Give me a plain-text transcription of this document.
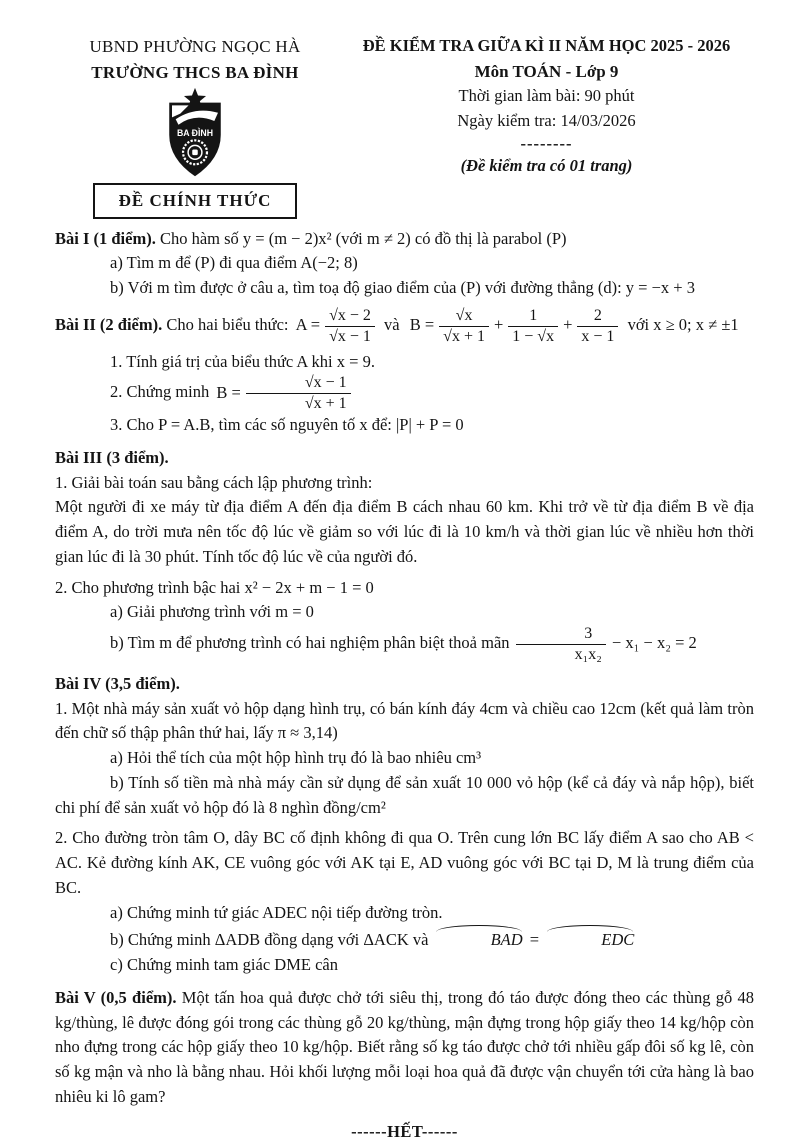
UBND PHƯỜNG NGỌC HÀ

TRƯỜNG THCS BA ĐÌNH

BA ĐÌNH
ĐỀ CHÍNH THỨC

ĐỀ KIỂM TRA GIỮA KÌ II NĂM HỌC 2025 - 2026

Môn TOÁN - Lớp 9

Thời gian làm bài: 90 phút

Ngày kiểm tra: 14/03/2026

--------

(Đề kiểm tra có 01 trang)

Bài I (1 điểm). Cho hàm số y = (m − 2)x² (với m ≠ 2) có đồ thị là parabol (P)

a) Tìm m để (P) đi qua điểm A(−2; 8)

b) Với m tìm được ở câu a, tìm toạ độ giao điểm của (P) với đường thẳng (d): y = −x + 3

Bài II (2 điểm). Cho hai biểu thức: $A = \frac{√x - 2}{√x - 1}$ và $B = \frac{√x}{√x + 1} + \frac{1}{1 - √x} + \frac{2}{x - 1}$ với x ≥ 0; x ≠ ±1

1. Tính giá trị của biểu thức A khi x = 9.

2. Chứng minh $B = \frac{√x - 1}{√x + 1}$

3. Cho P = A.B, tìm các số nguyên tố x để: |P| + P = 0

Bài III (3 điểm).

1. Giải bài toán sau bằng cách lập phương trình:

Một người đi xe máy từ địa điểm A đến địa điểm B cách nhau 60 km. Khi trở về từ địa điểm B về địa điểm A, do trời mưa nên tốc độ lúc về giảm so với lúc đi là 10 km/h và thời gian lúc về nhiều hơn thời gian lúc đi là 30 phút. Tính tốc độ lúc về của người đó.

2. Cho phương trình bậc hai x² − 2x + m − 1 = 0

a) Giải phương trình với m = 0

b) Tìm m để phương trình có hai nghiệm phân biệt thoả mãn $\frac{3}{\text{x₁x₂}} - x_1 - x_2 = 2$

Bài IV (3,5 điểm).

1. Một nhà máy sản xuất vỏ hộp dạng hình trụ, có bán kính đáy 4cm và chiều cao 12cm (kết quả làm tròn đến chữ số thập phân thứ hai, lấy π ≈ 3,14)

a) Hỏi thể tích của một hộp hình trụ đó là bao nhiêu cm³

b) Tính số tiền mà nhà máy cần sử dụng để sản xuất 10 000 vỏ hộp (kể cả đáy và nắp hộp), biết chi phí để sản xuất vỏ hộp đó là 8 nghìn đồng/cm²

2. Cho đường tròn tâm O, dây BC cố định không đi qua O. Trên cung lớn BC lấy điểm A sao cho AB < AC. Kẻ đường kính AK, CE vuông góc với AK tại E, AD vuông góc với BC tại D, M là trung điểm của BC.

a) Chứng minh tứ giác ADEC nội tiếp đường tròn.

b) Chứng minh ΔADB đồng dạng với ΔACK và	BAD =	EDC

c) Chứng minh tam giác DME cân

Bài V (0,5 điểm). Một tấn hoa quả được chở tới siêu thị, trong đó táo được đóng theo các thùng gỗ 48 kg/thùng, lê được đóng gói trong các thùng gỗ 20 kg/thùng, mận đựng trong hộp giấy theo 14 kg/hộp còn nho đựng trong các hộp giấy theo 10 kg/hộp. Biết rằng số kg táo được chở tới nhiều gấp đôi số kg lê, còn số kg mận và nho là bằng nhau. Hỏi khối lượng mỗi loại hoa quả đã được vận chuyển tới cửa hàng là bao nhiêu ki lô gam?

------HẾT------
